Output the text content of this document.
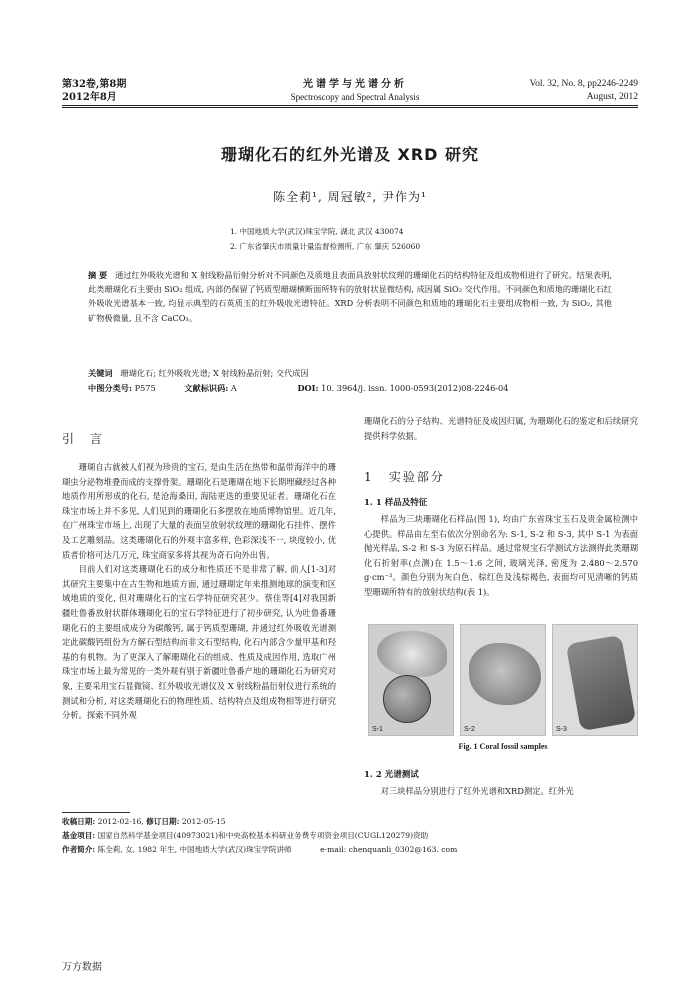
第32卷,第8期
2012年8月
光谱学与光谱分析
Spectroscopy and Spectral Analysis
Vol. 32, No. 8, pp2246-2249
August, 2012
珊瑚化石的红外光谱及 XRD 研究
陈全莉¹, 周冠敏², 尹作为¹
1. 中国地质大学(武汉)珠宝学院, 湖北 武汉 430074
2. 广东省肇庆市质量计量监督检测所, 广东 肇庆 526060
摘 要 通过红外吸收光谱和 X 射线粉晶衍射分析对不同颜色及质地且表面具放射状纹理的珊瑚化石的结构特征及组成物相进行了研究。结果表明, 此类珊瑚化石主要由 SiO₂ 组成, 内部仍保留了钙质型珊瑚横断面所特有的放射状显微结构, 成因属 SiO₂ 交代作用。不同颜色和质地的珊瑚化石红外吸收光谱基本一致, 均显示典型的石英质玉的红外吸收光谱特征。XRD 分析表明不同颜色和质地的珊瑚化石主要组成物相一致, 为 SiO₂, 其他矿物极微量, 且不含 CaCO₃。
关键词 珊瑚化石; 红外吸收光谱; X 射线粉晶衍射; 交代成因
中图分类号: P575	文献标识码: A	DOI: 10. 3964/j. issn. 1000-0593(2012)08-2246-04
引 言

珊瑚自古就被人们视为珍贵的宝石, 是由生活在热带和温带海洋中的珊瑚虫分泌物堆叠而成的支撑骨架。珊瑚化石是珊瑚在地下长期埋藏经过各种地质作用所形成的化石, 是沧海桑田, 海陆更迭的重要见证者。珊瑚化石在珠宝市场上并不多见, 人们见到的珊瑚化石多摆放在地质博物馆里。近几年, 在广州珠宝市场上, 出现了大量的表面呈放射状纹理的珊瑚化石挂件、摆件及工艺雕刻品。这类珊瑚化石的外观丰富多样, 色彩深浅不一, 块度较小, 优质者价格可达几万元, 珠宝商家多将其视为奇石向外出售。

目前人们对这类珊瑚化石的成分和性质还不是非常了解, 前人[1-3]对其研究主要集中在古生物和地质方面, 通过珊瑚定年来推测地球的演变和区域地质的变化, 但对珊瑚化石的宝石学特征研究甚少。蔡佳等[4]对我国新疆吐鲁番放射状群体珊瑚化石的宝石学特征进行了初步研究, 认为吐鲁番珊瑚化石的主要组成成分为碳酸钙, 属于钙质型珊瑚, 并通过红外吸收光谱测定此碳酸钙组份为方解石型结构而非文石型结构, 化石内部含少量甲基和羟基的有机物。为了更深入了解珊瑚化石的组成、性质及成因作用, 选取广州珠宝市场上最为常见的一类外观有别于新疆吐鲁番产地的珊瑚化石为研究对象, 主要采用宝石显微镜、红外吸收光谱仪及 X 射线粉晶衍射仪进行系统的测试和分析, 对这类珊瑚化石的物理性质、结构特点及组成物相等进行研究分析。探索不同外观

珊瑚化石的分子结构、光谱特征及成因归属, 为珊瑚化石的鉴定和后续研究提供科学依据。
1 实验部分
1. 1 样品及特征

样品为三块珊瑚化石样品(图 1), 均由广东省珠宝玉石及贵金属检测中心提供。样品由左至右依次分别命名为: S-1, S-2 和 S-3, 其中 S-1 为表面抛光样品, S-2 和 S-3 为原石样品。通过常规宝石学测试方法测得此类珊瑚化石折射率(点测)在 1.5～1.6 之间, 玻璃光泽, 密度为 2.480～2.570 g·cm⁻³。颜色分别为灰白色、棕红色及浅棕褐色, 表面均可见清晰的钙质型珊瑚所特有的放射状结构(表 1)。

S-1	S-2	S-3
Fig. 1 Coral fossil samples
1. 2 光谱测试

对三块样品分别进行了红外光谱和XRD测定。红外光

收稿日期: 2012-02-16, 修订日期: 2012-05-15
基金项目: 国家自然科学基金项目(40973021)和中央高校基本科研业务费专项资金项目(CUGL120279)资助
作者简介: 陈全莉, 女, 1982 年生, 中国地质大学(武汉)珠宝学院讲师	e-mail: chenquanli_0302@163. com
万方数据
